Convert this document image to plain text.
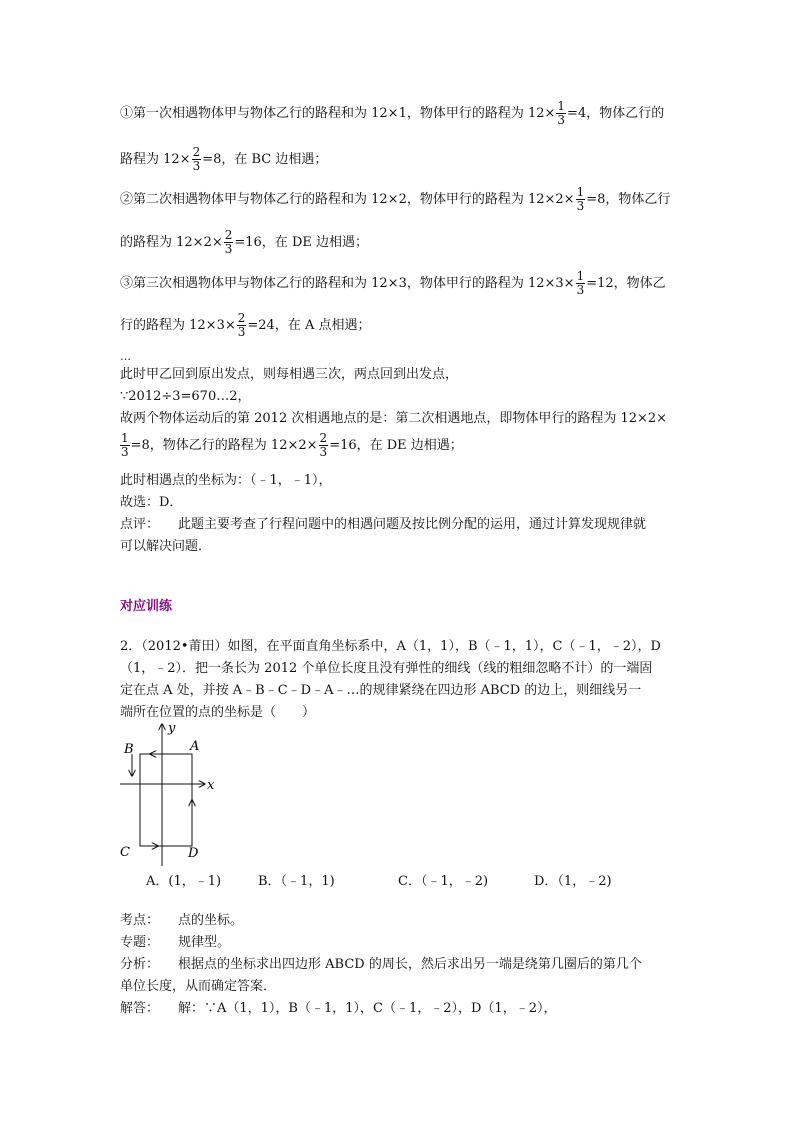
①第一次相遇物体甲与物体乙行的路程和为 12×1，物体甲行的路程为 $12\times \frac{1}{3} =4$，物体乙行的
路程为 $12\times \frac{2}{3} =8$，在 BC 边相遇；
②第二次相遇物体甲与物体乙行的路程和为 12×2，物体甲行的路程为 $12\times 2\times \frac{1}{3} =8$，物体乙行
的路程为 $12\times 2\times \frac{2}{3} =16$，在 DE 边相遇；
③第三次相遇物体甲与物体乙行的路程和为 12×3，物体甲行的路程为 $12\times 3\times \frac{1}{3} =12$，物体乙
行的路程为 $12\times 3\times \frac{2}{3} =24$，在 A 点相遇；
…
此时甲乙回到原出发点，则每相遇三次，两点回到出发点，
∵2012÷3=670…2，
故两个物体运动后的第 2012 次相遇地点的是：第二次相遇地点，即物体甲行的路程为 12×2×
$\frac{1}{3} =8$，物体乙行的路程为 $12\times 2\times \frac{2}{3} =16$，在 DE 边相遇；
此时相遇点的坐标为：（﹣1，﹣1），
故选：D．
点评： 此题主要考查了行程问题中的相遇问题及按比例分配的运用，通过计算发现规律就
可以解决问题．
对应训练
2．（2012•莆田）如图，在平面直角坐标系中，A（1，1），B（﹣1，1），C（﹣1，﹣2），D
（1，﹣2）．把一条长为 2012 个单位长度且没有弹性的细线（线的粗细忽略不计）的一端固
定在点 A 处，并按 A﹣B﹣C﹣D﹣A﹣…的规律紧绕在四边形 ABCD 的边上，则细线另一
端所在位置的点的坐标是（　　）
y
x
A
B
C	D
A．(1，﹣1)	B．（﹣1，1)	C．（﹣1，﹣2)	D．（1，﹣2)
考点： 点的坐标。
专题： 规律型。
分析： 根据点的坐标求出四边形 ABCD 的周长，然后求出另一端是绕第几圈后的第几个
单位长度，从而确定答案．
解答： 解：∵A（1，1），B（﹣1，1），C（﹣1，﹣2），D（1，﹣2），
